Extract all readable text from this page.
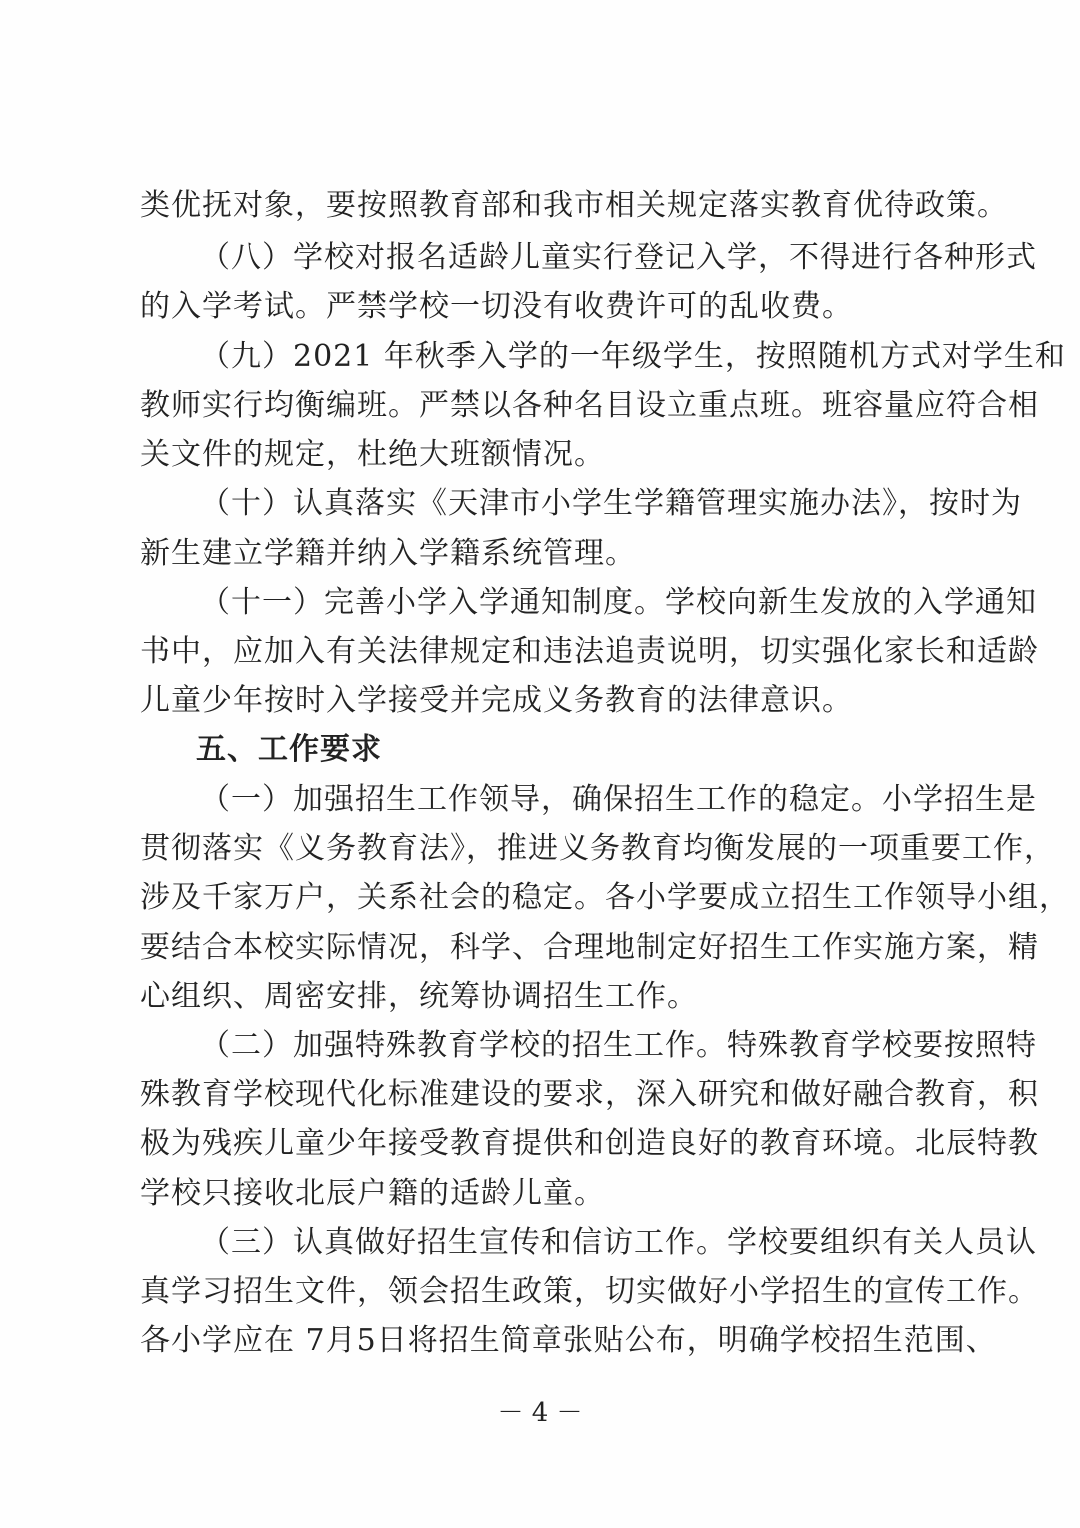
类优抚对象，要按照教育部和我市相关规定落实教育优待政策。
（八）学校对报名适龄儿童实行登记入学，不得进行各种形式
的入学考试。严禁学校一切没有收费许可的乱收费。
（九）2021 年秋季入学的一年级学生，按照随机方式对学生和
教师实行均衡编班。严禁以各种名目设立重点班。班容量应符合相
关文件的规定，杜绝大班额情况。
（十）认真落实《天津市小学生学籍管理实施办法》，按时为
新生建立学籍并纳入学籍系统管理。
（十一）完善小学入学通知制度。学校向新生发放的入学通知
书中，应加入有关法律规定和违法追责说明，切实强化家长和适龄
儿童少年按时入学接受并完成义务教育的法律意识。
五、工作要求
（一）加强招生工作领导，确保招生工作的稳定。小学招生是
贯彻落实《义务教育法》，推进义务教育均衡发展的一项重要工作，
涉及千家万户，关系社会的稳定。各小学要成立招生工作领导小组，
要结合本校实际情况，科学、合理地制定好招生工作实施方案，精
心组织、周密安排，统筹协调招生工作。
（二）加强特殊教育学校的招生工作。特殊教育学校要按照特
殊教育学校现代化标准建设的要求，深入研究和做好融合教育，积
极为残疾儿童少年接受教育提供和创造良好的教育环境。北辰特教
学校只接收北辰户籍的适龄儿童。
（三）认真做好招生宣传和信访工作。学校要组织有关人员认
真学习招生文件，领会招生政策，切实做好小学招生的宣传工作。
各小学应在 7月5日将招生简章张贴公布，明确学校招生范围、
－ 4 －
